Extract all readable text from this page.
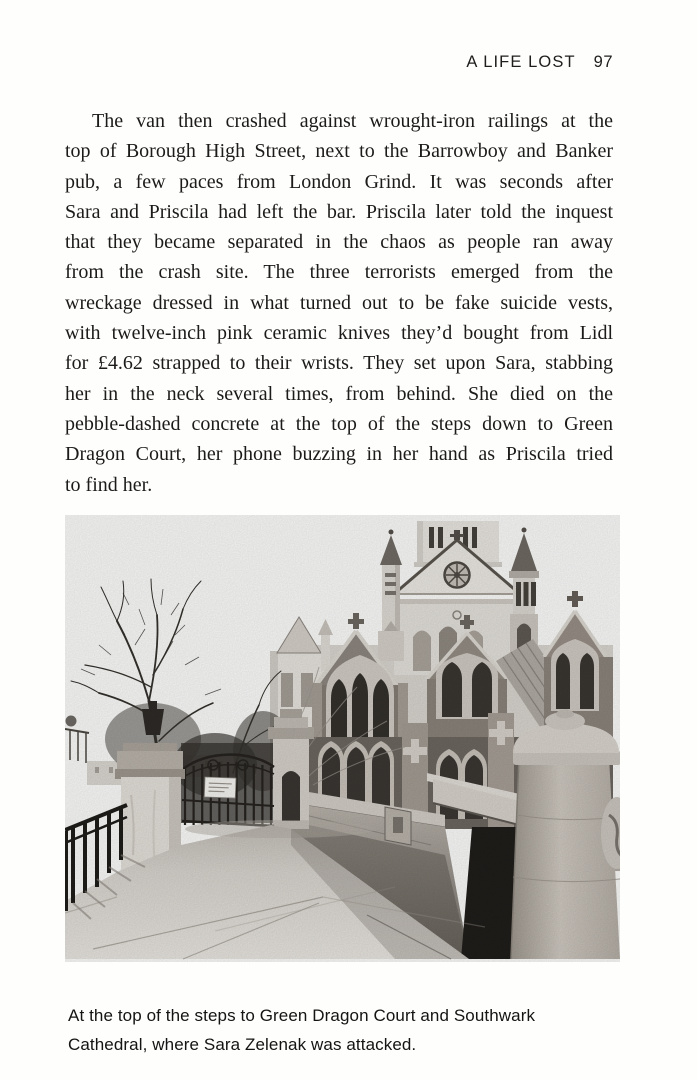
A LIFE LOST 97
The van then crashed against wrought-iron railings at the
top of Borough High Street, next to the Barrowboy and Banker
pub, a few paces from London Grind. It was seconds after
Sara and Priscila had left the bar. Priscila later told the inquest
that they became separated in the chaos as people ran away
from the crash site. The three terrorists emerged from the
wreckage dressed in what turned out to be fake suicide vests,
with twelve-inch pink ceramic knives they’d bought from Lidl
for £4.62 strapped to their wrists. They set upon Sara, stabbing
her in the neck several times, from behind. She died on the
pebble-dashed concrete at the top of the steps down to Green
Dragon Court, her phone buzzing in her hand as Priscila tried
to find her.
At the top of the steps to Green Dragon Court and Southwark
Cathedral, where Sara Zelenak was attacked.
